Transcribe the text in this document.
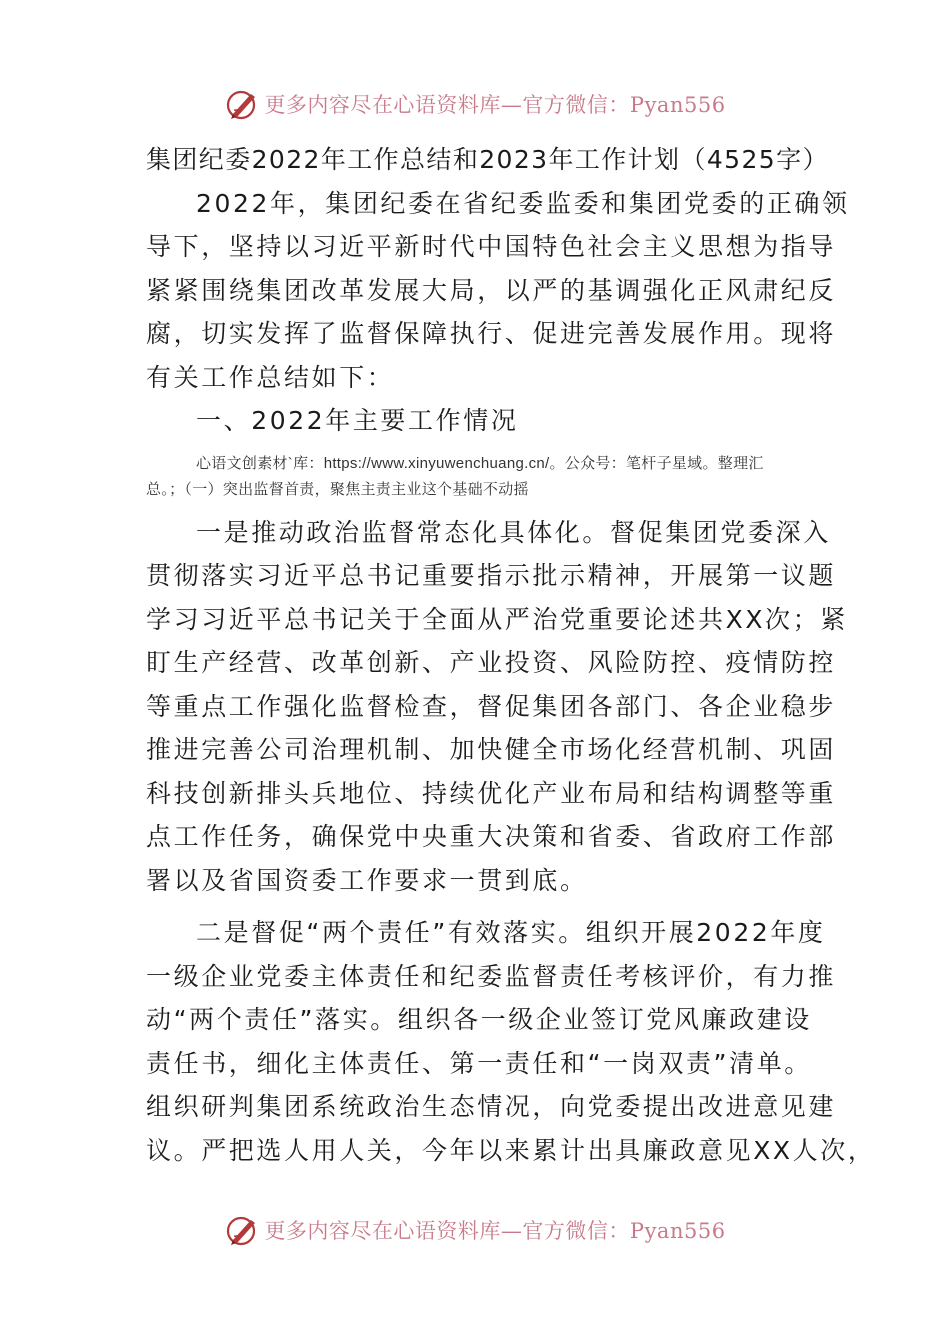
更多内容尽在心语资料库—官方微信：Pyan556
集团纪委2022年工作总结和2023年工作计划（4525字）
2022年，集团纪委在省纪委监委和集团党委的正确领
导下，坚持以习近平新时代中国特色社会主义思想为指导
紧紧围绕集团改革发展大局，以严的基调强化正风肃纪反
腐，切实发挥了监督保障执行、促进完善发展作用。现将
有关工作总结如下：
一、2022年主要工作情况
心语文创素材`库：https://www.xinyuwenchuang.cn/。公众号：笔杆子星域。整理汇
总。；（一）突出监督首责，聚焦主责主业这个基础不动摇
一是推动政治监督常态化具体化。督促集团党委深入
贯彻落实习近平总书记重要指示批示精神，开展第一议题
学习习近平总书记关于全面从严治党重要论述共XX次；紧
盯生产经营、改革创新、产业投资、风险防控、疫情防控
等重点工作强化监督检查，督促集团各部门、各企业稳步
推进完善公司治理机制、加快健全市场化经营机制、巩固
科技创新排头兵地位、持续优化产业布局和结构调整等重
点工作任务，确保党中央重大决策和省委、省政府工作部
署以及省国资委工作要求一贯到底。
二是督促“两个责任”有效落实。组织开展2022年度
一级企业党委主体责任和纪委监督责任考核评价，有力推
动“两个责任”落实。组织各一级企业签订党风廉政建设
责任书，细化主体责任、第一责任和“一岗双责”清单。
组织研判集团系统政治生态情况，向党委提出改进意见建
议。严把选人用人关，今年以来累计出具廉政意见XX人次，
更多内容尽在心语资料库—官方微信：Pyan556
